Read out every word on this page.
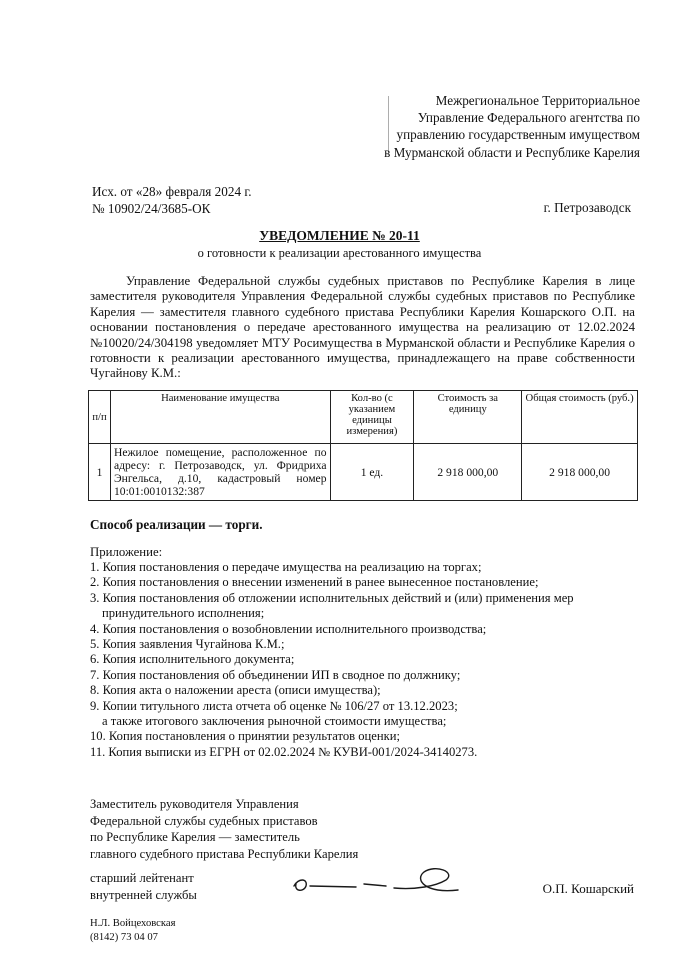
Межрегиональное Территориальное
Управление Федерального агентства по
управлению государственным имуществом
в Мурманской области и Республике Карелия
Исх. от «28» февраля 2024 г.
№ 10902/24/3685-ОК	г. Петрозаводск
УВЕДОМЛЕНИЕ № 20-11
о готовности к реализации арестованного имущества
Управление Федеральной службы судебных приставов по Республике Карелия в лице заместителя руководителя Управления Федеральной службы судебных приставов по Республике Карелия — заместителя главного судебного пристава Республики Карелия Кошарского О.П. на основании постановления о передаче арестованного имущества на реализацию от 12.02.2024 №10020/24/304198 уведомляет МТУ Росимущества в Мурманской области и Республике Карелия о готовности к реализации арестованного имущества, принадлежащего на праве собственности Чугайнову К.М.:
п/п	Наименование имущества	Кол-во (с указанием единицы измерения)	Стоимость за единицу	Общая стоимость (руб.)
1	Нежилое помещение, расположенное по адресу: г. Петрозаводск, ул. Фридриха Энгельса, д.10, кадастровый номер 10:01:0010132:387	1 ед.	2 918 000,00	2 918 000,00
Способ реализации — торги.
Приложение:
1. Копия постановления о передаче имущества на реализацию на торгах;
2. Копия постановления о внесении изменений в ранее вынесенное постановление;
3. Копия постановления об отложении исполнительных действий и (или) применения мер
принудительного исполнения;
4. Копия постановления о возобновлении исполнительного производства;
5. Копия заявления Чугайнова К.М.;
6. Копия исполнительного документа;
7. Копия постановления об объединении ИП в сводное по должнику;
8. Копия акта о наложении ареста (описи имущества);
9. Копии титульного листа отчета об оценке № 106/27 от 13.12.2023;
а также итогового заключения рыночной стоимости имущества;
10. Копия постановления о принятии результатов оценки;
11. Копия выписки из ЕГРН от 02.02.2024 № КУВИ-001/2024-34140273.
Заместитель руководителя Управления
Федеральной службы судебных приставов
по Республике Карелия — заместитель
главного судебного пристава Республики Карелия
старший лейтенант
внутренней службы	О.П. Кошарский
Н.Л. Войцеховская
(8142) 73 04 07
